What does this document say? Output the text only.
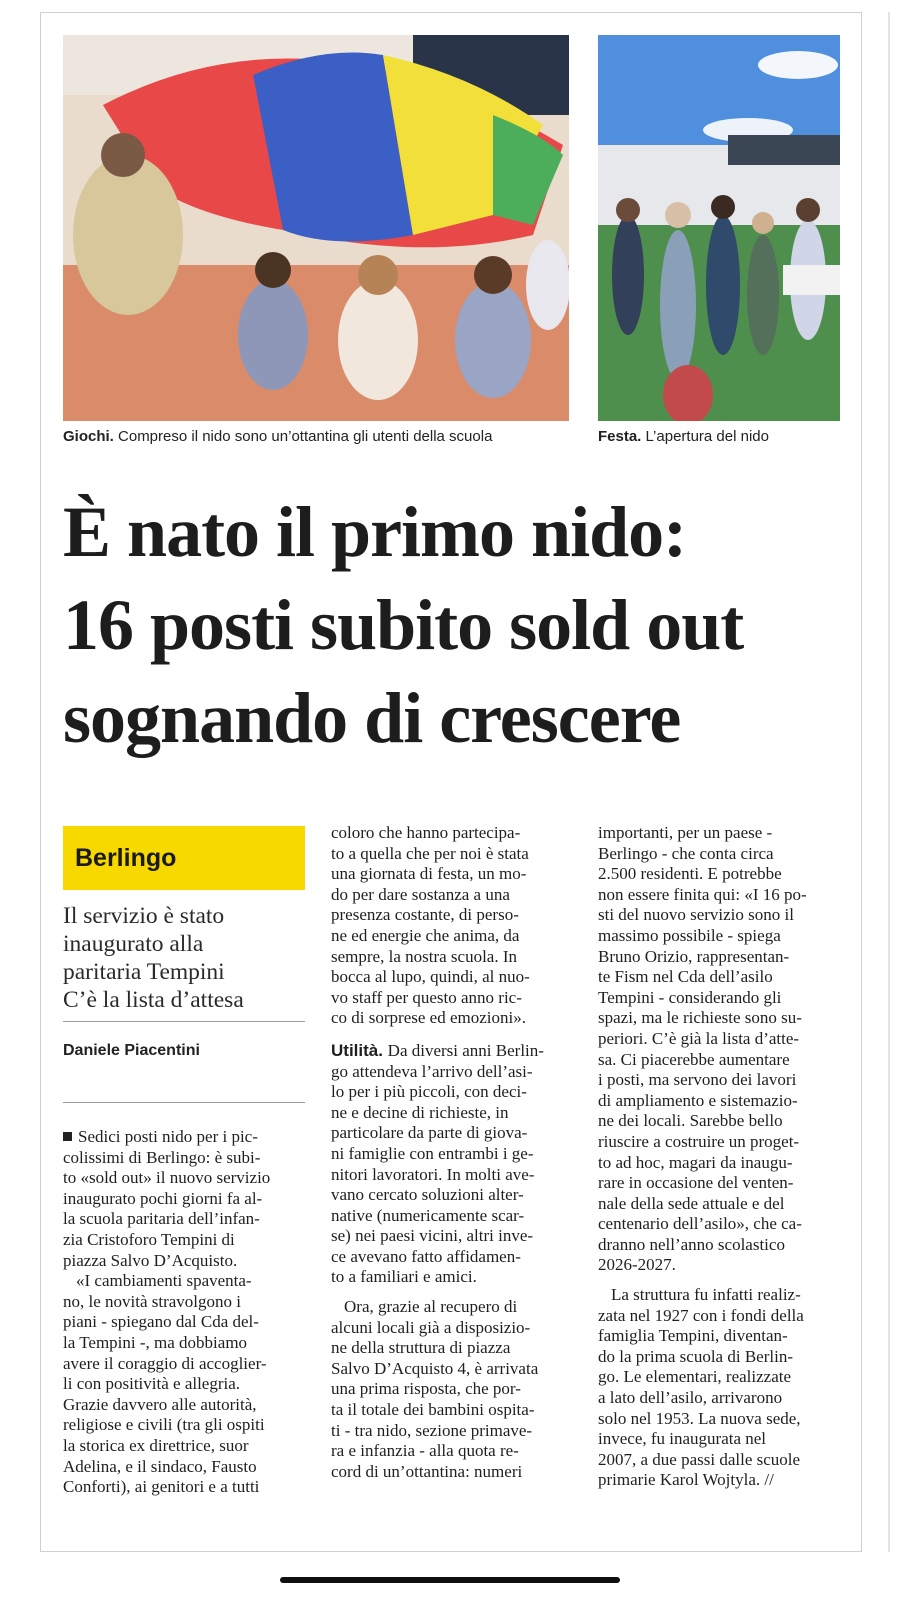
Giochi. Compreso il nido sono un’ottantina gli utenti della scuola	Festa. L’apertura del nido
È nato il primo nido:
16 posti subito sold out
sognando di crescere
Berlingo
Il servizio è stato
inaugurato alla
paritaria Tempini
C’è la lista d’attesa
Daniele Piacentini
Sedici posti nido per i pic-
colissimi di Berlingo: è subi-
to «sold out» il nuovo servizio
inaugurato pochi giorni fa al-
la scuola paritaria dell’infan-
zia Cristoforo Tempini di
piazza Salvo D’Acquisto.
«I cambiamenti spaventa-
no, le novità stravolgono i
piani - spiegano dal Cda del-
la Tempini -, ma dobbiamo
avere il coraggio di accoglier-
li con positività e allegria.
Grazie davvero alle autorità,
religiose e civili (tra gli ospiti
la storica ex direttrice, suor
Adelina, e il sindaco, Fausto
Conforti), ai genitori e a tutti
coloro che hanno partecipa-
to a quella che per noi è stata
una giornata di festa, un mo-
do per dare sostanza a una
presenza costante, di perso-
ne ed energie che anima, da
sempre, la nostra scuola. In
bocca al lupo, quindi, al nuo-
vo staff per questo anno ric-
co di sorprese ed emozioni».
Utilità. Da diversi anni Berlin-
go attendeva l’arrivo dell’asi-
lo per i più piccoli, con deci-
ne e decine di richieste, in
particolare da parte di giova-
ni famiglie con entrambi i ge-
nitori lavoratori. In molti ave-
vano cercato soluzioni alter-
native (numericamente scar-
se) nei paesi vicini, altri inve-
ce avevano fatto affidamen-
to a familiari e amici.
Ora, grazie al recupero di
alcuni locali già a disposizio-
ne della struttura di piazza
Salvo D’Acquisto 4, è arrivata
una prima risposta, che por-
ta il totale dei bambini ospita-
ti - tra nido, sezione primave-
ra e infanzia - alla quota re-
cord di un’ottantina: numeri
importanti, per un paese -
Berlingo - che conta circa
2.500 residenti. E potrebbe
non essere finita qui: «I 16 po-
sti del nuovo servizio sono il
massimo possibile - spiega
Bruno Orizio, rappresentan-
te Fism nel Cda dell’asilo
Tempini - considerando gli
spazi, ma le richieste sono su-
periori. C’è già la lista d’atte-
sa. Ci piacerebbe aumentare
i posti, ma servono dei lavori
di ampliamento e sistemazio-
ne dei locali. Sarebbe bello
riuscire a costruire un proget-
to ad hoc, magari da inaugu-
rare in occasione del venten-
nale della sede attuale e del
centenario dell’asilo», che ca-
dranno nell’anno scolastico
2026-2027.
La struttura fu infatti realiz-
zata nel 1927 con i fondi della
famiglia Tempini, diventan-
do la prima scuola di Berlin-
go. Le elementari, realizzate
a lato dell’asilo, arrivarono
solo nel 1953. La nuova sede,
invece, fu inaugurata nel
2007, a due passi dalle scuole
primarie Karol Wojtyla. //
